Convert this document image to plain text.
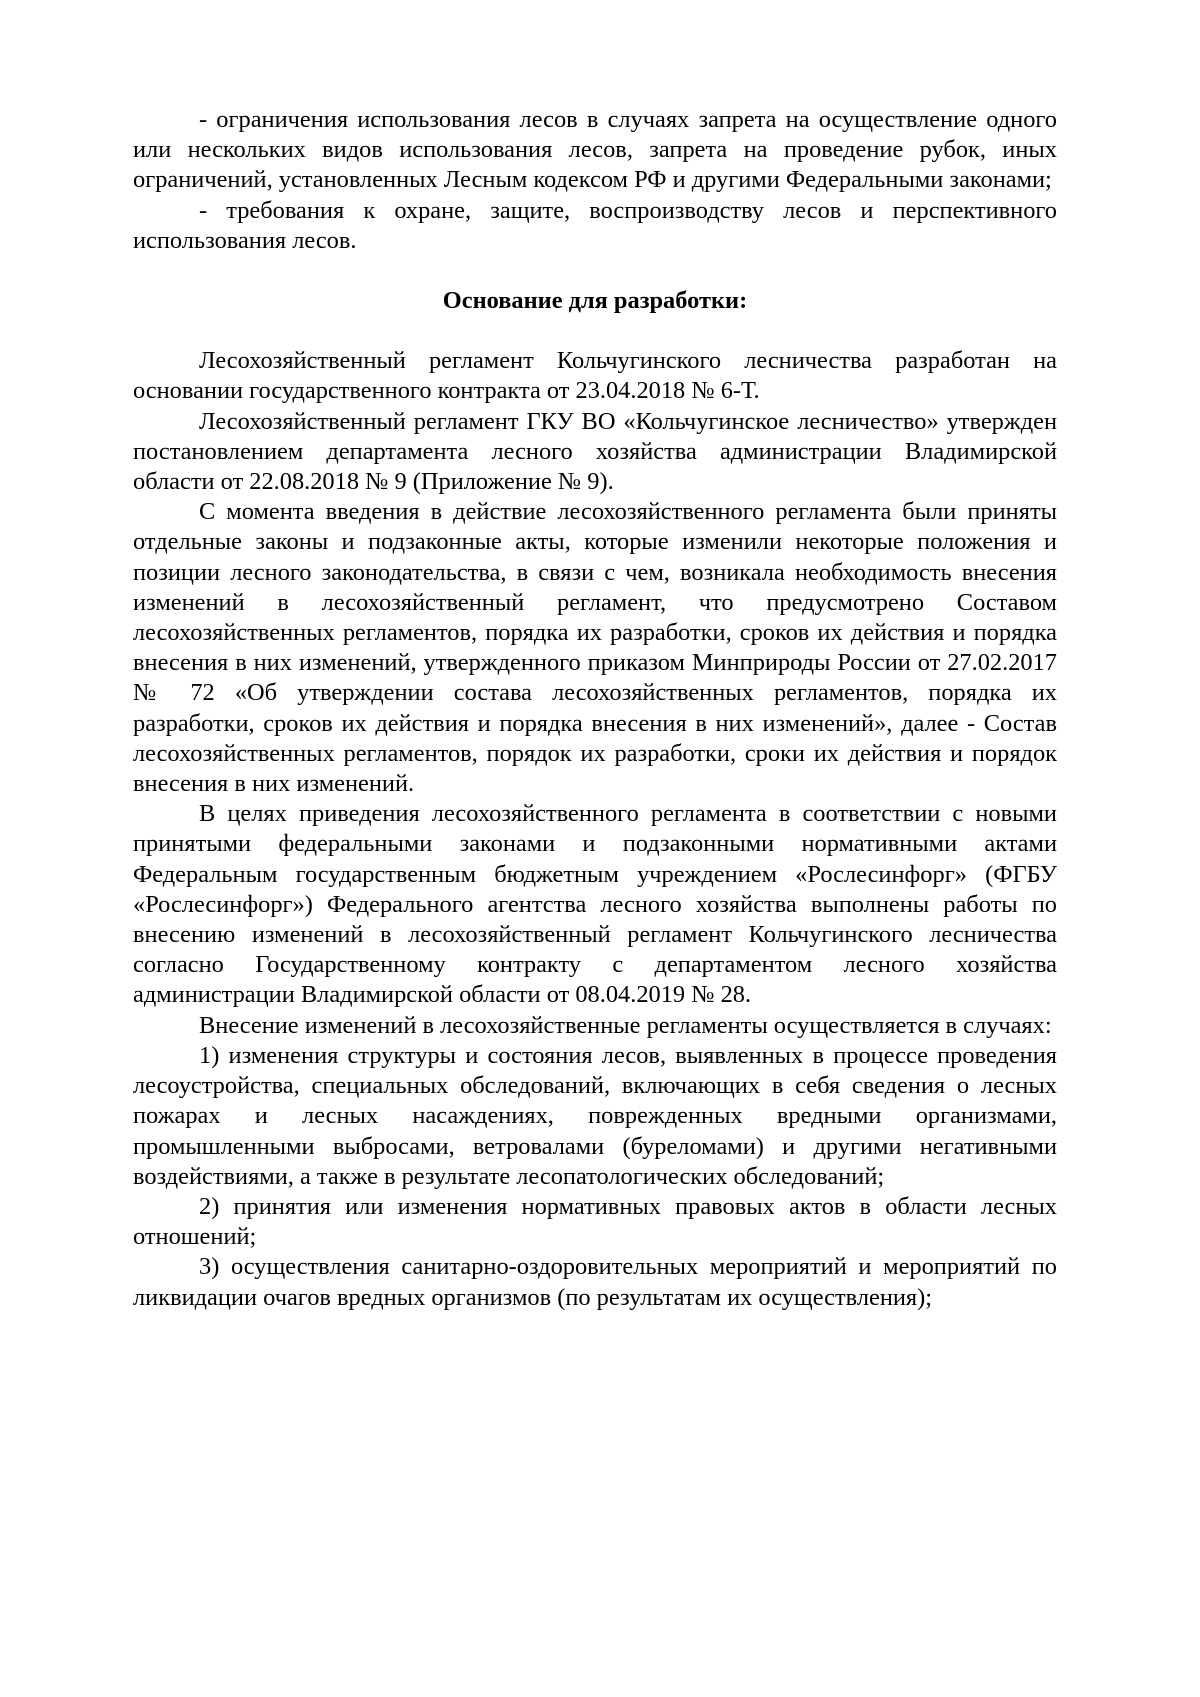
- ограничения использования лесов в случаях запрета на осуществление одного или нескольких видов использования лесов, запрета на проведение рубок, иных ограничений, установленных Лесным кодексом РФ и другими Федеральными законами;

- требования к охране, защите, воспроизводству лесов и перспективного использования лесов.

Основание для разработки:

Лесохозяйственный регламент Кольчугинского лесничества разработан на основании государственного контракта от 23.04.2018 № 6-Т.

Лесохозяйственный регламент ГКУ ВО «Кольчугинское лесничество» утвержден постановлением департамента лесного хозяйства администрации Владимирской области от 22.08.2018 № 9 (Приложение № 9).

С момента введения в действие лесохозяйственного регламента были приняты отдельные законы и подзаконные акты, которые изменили некоторые положения и позиции лесного законодательства, в связи с чем, возникала необходимость внесения изменений в лесохозяйственный регламент, что предусмотрено Составом лесохозяйственных регламентов, порядка их разработки, сроков их действия и порядка внесения в них изменений, утвержденного приказом Минприроды России от 27.02.2017 № 72 «Об утверждении состава лесохозяйственных регламентов, порядка их разработки, сроков их действия и порядка внесения в них изменений», далее - Состав лесохозяйственных регламентов, порядок их разработки, сроки их действия и порядок внесения в них изменений.

В целях приведения лесохозяйственного регламента в соответствии с новыми принятыми федеральными законами и подзаконными нормативными актами Федеральным государственным бюджетным учреждением «Рослесинфорг» (ФГБУ «Рослесинфорг») Федерального агентства лесного хозяйства выполнены работы по внесению изменений в лесохозяйственный регламент Кольчугинского лесничества согласно Государственному контракту с департаментом лесного хозяйства администрации Владимирской области от 08.04.2019 № 28.

Внесение изменений в лесохозяйственные регламенты осуществляется в случаях:

1) изменения структуры и состояния лесов, выявленных в процессе проведения лесоустройства, специальных обследований, включающих в себя сведения о лесных пожарах и лесных насаждениях, поврежденных вредными организмами, промышленными выбросами, ветровалами (буреломами) и другими негативными воздействиями, а также в результате лесопатологических обследований;

2) принятия или изменения нормативных правовых актов в области лесных отношений;

3) осуществления санитарно-оздоровительных мероприятий и мероприятий по ликвидации очагов вредных организмов (по результатам их осуществления);
